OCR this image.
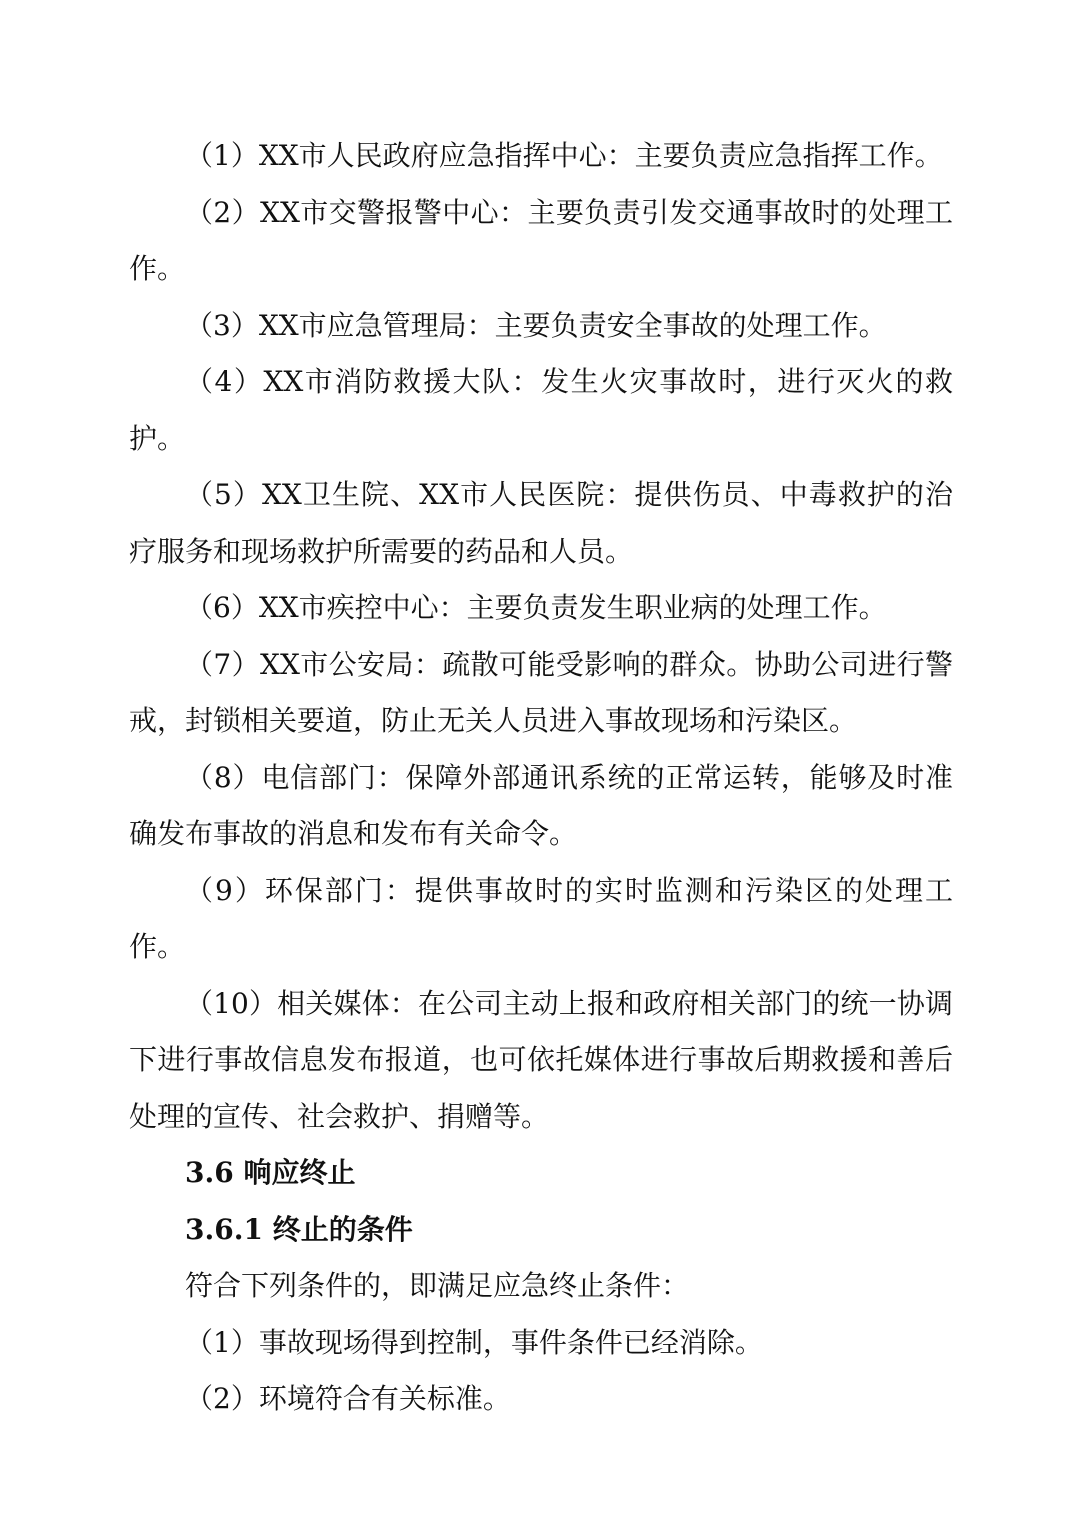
（1）XX市人民政府应急指挥中心：主要负责应急指挥工作。

（2）XX市交警报警中心：主要负责引发交通事故时的处理工作。

（3）XX市应急管理局：主要负责安全事故的处理工作。

（4）XX市消防救援大队：发生火灾事故时，进行灭火的救护。

（5）XX卫生院、XX市人民医院：提供伤员、中毒救护的治疗服务和现场救护所需要的药品和人员。

（6）XX市疾控中心：主要负责发生职业病的处理工作。

（7）XX市公安局：疏散可能受影响的群众。协助公司进行警戒，封锁相关要道，防止无关人员进入事故现场和污染区。

（8）电信部门：保障外部通讯系统的正常运转，能够及时准确发布事故的消息和发布有关命令。

（9）环保部门：提供事故时的实时监测和污染区的处理工作。

（10）相关媒体：在公司主动上报和政府相关部门的统一协调下进行事故信息发布报道，也可依托媒体进行事故后期救援和善后处理的宣传、社会救护、捐赠等。

3.6 响应终止

3.6.1 终止的条件

符合下列条件的，即满足应急终止条件：

（1）事故现场得到控制，事件条件已经消除。

（2）环境符合有关标准。
